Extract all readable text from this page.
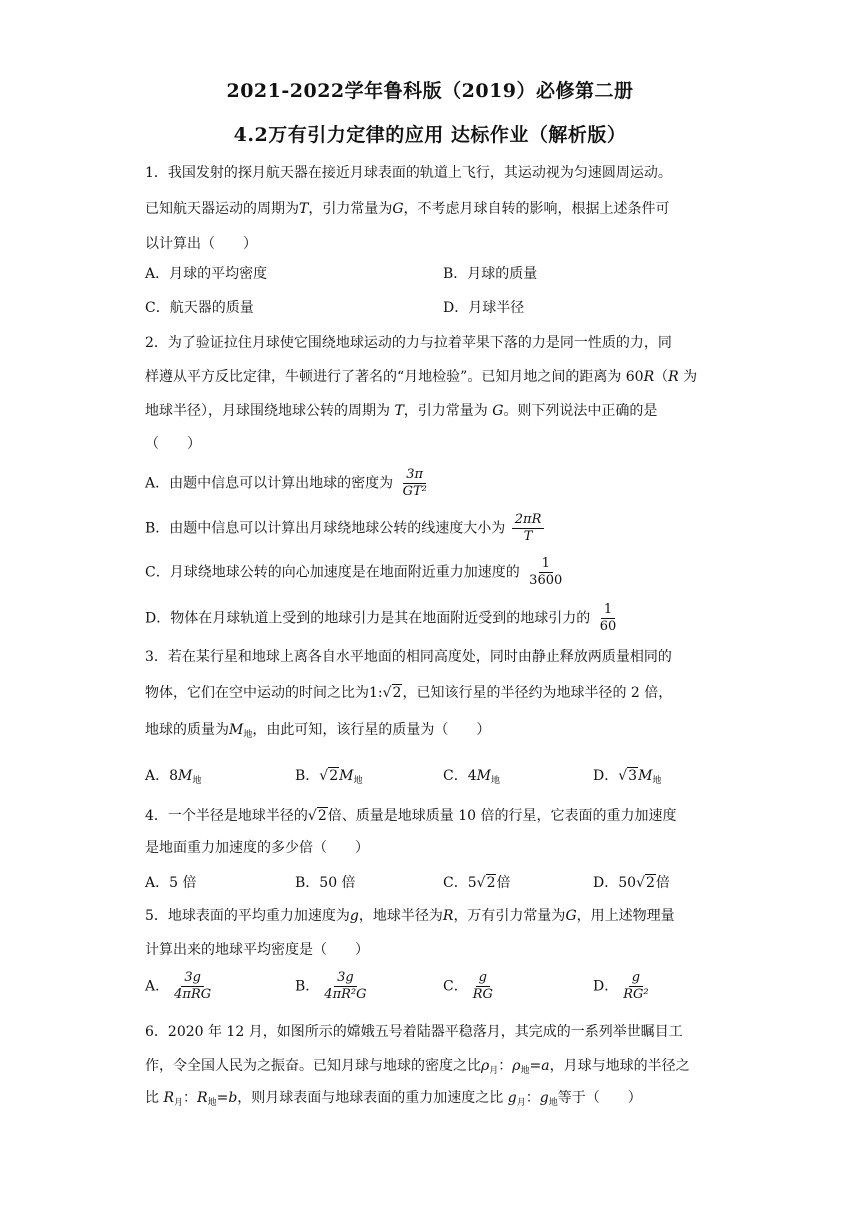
2021-2022学年鲁科版（2019）必修第二册
4.2万有引力定律的应用 达标作业（解析版）
1．我国发射的探月航天器在接近月球表面的轨道上飞行，其运动视为匀速圆周运动。
已知航天器运动的周期为T，引力常量为G，不考虑月球自转的影响，根据上述条件可
以计算出（　　）
A．月球的平均密度	B．月球的质量
C．航天器的质量	D．月球半径
2．为了验证拉住月球使它围绕地球运动的力与拉着苹果下落的力是同一性质的力，同
样遵从平方反比定律，牛顿进行了著名的“月地检验”。已知月地之间的距离为 60R（R 为
地球半径），月球围绕地球公转的周期为 T，引力常量为 G。则下列说法中正确的是
（　　）
A．由题中信息可以计算出地球的密度为 $\frac{3\pi}{\text{GT²}}$
B．由题中信息可以计算出月球绕地球公转的线速度大小为 $\frac{2\pi R}{T}$
C．月球绕地球公转的向心加速度是在地面附近重力加速度的 $\frac{1}{3600}$
D．物体在月球轨道上受到的地球引力是其在地面附近受到的地球引力的 $\frac{1}{60}$
3．若在某行星和地球上离各自水平地面的相同高度处，同时由静止释放两质量相同的
物体，它们在空中运动的时间之比为1:√2，已知该行星的半径约为地球半径的 2 倍，
地球的质量为$M_地$，由此可知，该行星的质量为（　　）
A．$8M_地$	B．$√2M_地$	C．$4M_地$	D．$√3M_地$
4．一个半径是地球半径的√2倍、质量是地球质量 10 倍的行星，它表面的重力加速度
是地面重力加速度的多少倍（　　）
A．5 倍	B．50 倍	C．5√2倍	D．50√2倍
5．地球表面的平均重力加速度为g，地球半径为R，万有引力常量为G，用上述物理量
计算出来的地球平均密度是（　　）
A． $\frac{3g}{\text{4πRG}}$	B． $\frac{3g}{\text{4πR²G}}$	C． $\frac{g}{RG}$	D． $\frac{g}{\text{RG²}}$
6．2020 年 12 月，如图所示的嫦娥五号着陆器平稳落月，其完成的一系列举世瞩目工
作，令全国人民为之振奋。已知月球与地球的密度之比$\rho_月$：$\rho_地=a$，月球与地球的半径之
比 $R_月$：$R_地=b$，则月球表面与地球表面的重力加速度之比 $g_月$：$g_地$等于（　　）
